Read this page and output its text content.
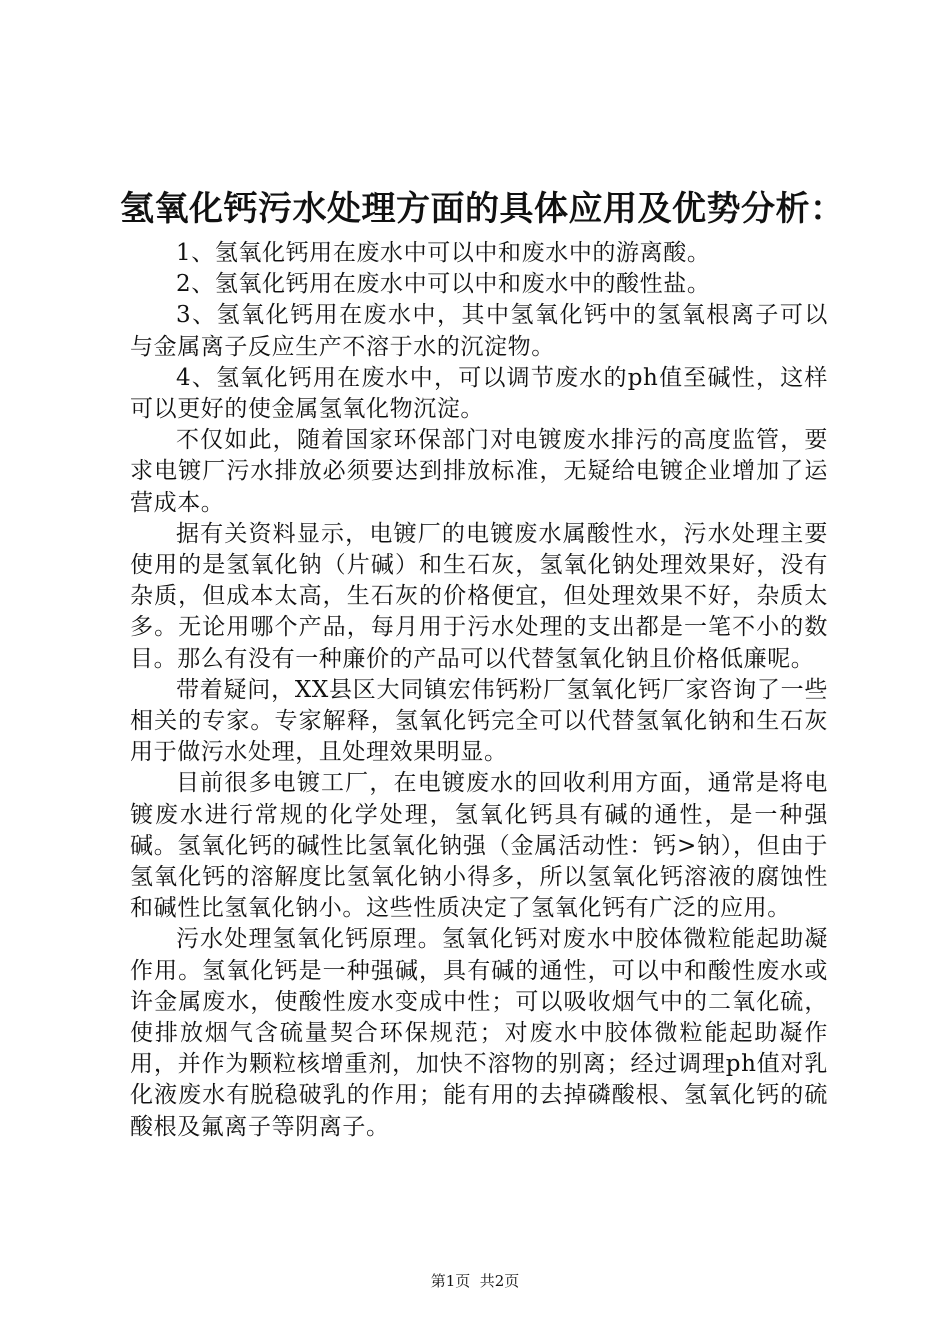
氢氧化钙污水处理方面的具体应用及优势分析：

1、氢氧化钙用在废水中可以中和废水中的游离酸。

2、氢氧化钙用在废水中可以中和废水中的酸性盐。

3、氢氧化钙用在废水中，其中氢氧化钙中的氢氧根离子可以与金属离子反应生产不溶于水的沉淀物。

4、氢氧化钙用在废水中，可以调节废水的ph值至碱性，这样可以更好的使金属氢氧化物沉淀。

不仅如此，随着国家环保部门对电镀废水排污的高度监管，要求电镀厂污水排放必须要达到排放标准，无疑给电镀企业增加了运营成本。

据有关资料显示，电镀厂的电镀废水属酸性水，污水处理主要使用的是氢氧化钠（片碱）和生石灰，氢氧化钠处理效果好，没有杂质，但成本太高，生石灰的价格便宜，但处理效果不好，杂质太多。无论用哪个产品，每月用于污水处理的支出都是一笔不小的数目。那么有没有一种廉价的产品可以代替氢氧化钠且价格低廉呢。

带着疑问，XX县区大同镇宏伟钙粉厂氢氧化钙厂家咨询了一些相关的专家。专家解释，氢氧化钙完全可以代替氢氧化钠和生石灰用于做污水处理，且处理效果明显。

目前很多电镀工厂，在电镀废水的回收利用方面，通常是将电镀废水进行常规的化学处理，氢氧化钙具有碱的通性，是一种强碱。氢氧化钙的碱性比氢氧化钠强（金属活动性：钙>钠），但由于氢氧化钙的溶解度比氢氧化钠小得多，所以氢氧化钙溶液的腐蚀性和碱性比氢氧化钠小。这些性质决定了氢氧化钙有广泛的应用。

污水处理氢氧化钙原理。氢氧化钙对废水中胶体微粒能起助凝作用。氢氧化钙是一种强碱，具有碱的通性，可以中和酸性废水或许金属废水，使酸性废水变成中性；可以吸收烟气中的二氧化硫，使排放烟气含硫量契合环保规范；对废水中胶体微粒能起助凝作用，并作为颗粒核增重剂，加快不溶物的别离；经过调理ph值对乳化液废水有脱稳破乳的作用；能有用的去掉磷酸根、氢氧化钙的硫酸根及氟离子等阴离子。

第1页  共2页
